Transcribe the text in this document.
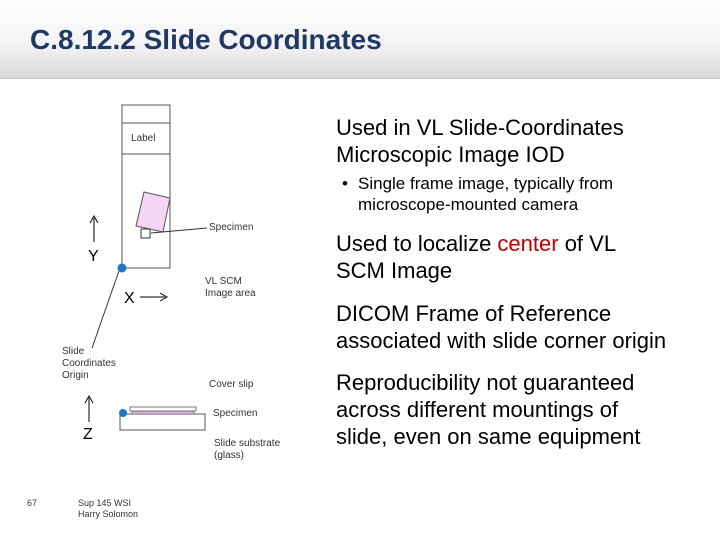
C.8.12.2 Slide Coordinates
Label
Specimen
VL SCM
Image area
Y
X
Z
Slide
Coordinates
Origin
Cover slip
Specimen
Slide substrate
(glass)
Used in VL Slide-Coordinates
Microscopic Image IOD
• Single frame image, typically from
microscope-mounted camera
Used to localize center of VL
SCM Image
DICOM Frame of Reference
associated with slide corner origin
Reproducibility not guaranteed
across different mountings of
slide, even on same equipment
67	Sup 145 WSI
Harry Solomon
